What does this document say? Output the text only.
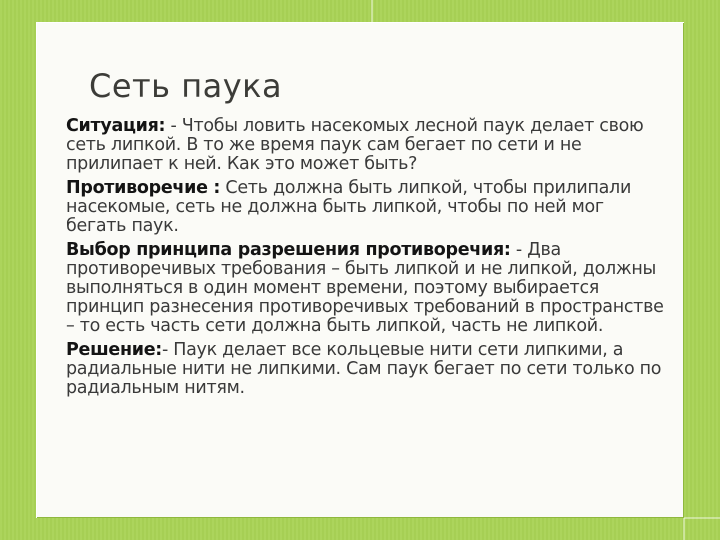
Сеть паука

Ситуация: - Чтобы ловить насекомых лесной паук делает свою сеть липкой. В то же время паук сам бегает по сети и не прилипает к ней. Как это может быть?

Противоречие : Сеть должна быть липкой, чтобы прилипали насекомые, сеть не должна быть липкой, чтобы по ней мог бегать паук.

Выбор принципа разрешения противоречия: - Два противоречивых требования – быть липкой и не липкой, должны выполняться в один момент времени, поэтому выбирается принцип разнесения противоречивых требований в пространстве – то есть часть сети должна быть липкой, часть не липкой.

Решение:- Паук делает все кольцевые нити сети липкими, а радиальные нити не липкими. Сам паук бегает по сети только по радиальным нитям.
